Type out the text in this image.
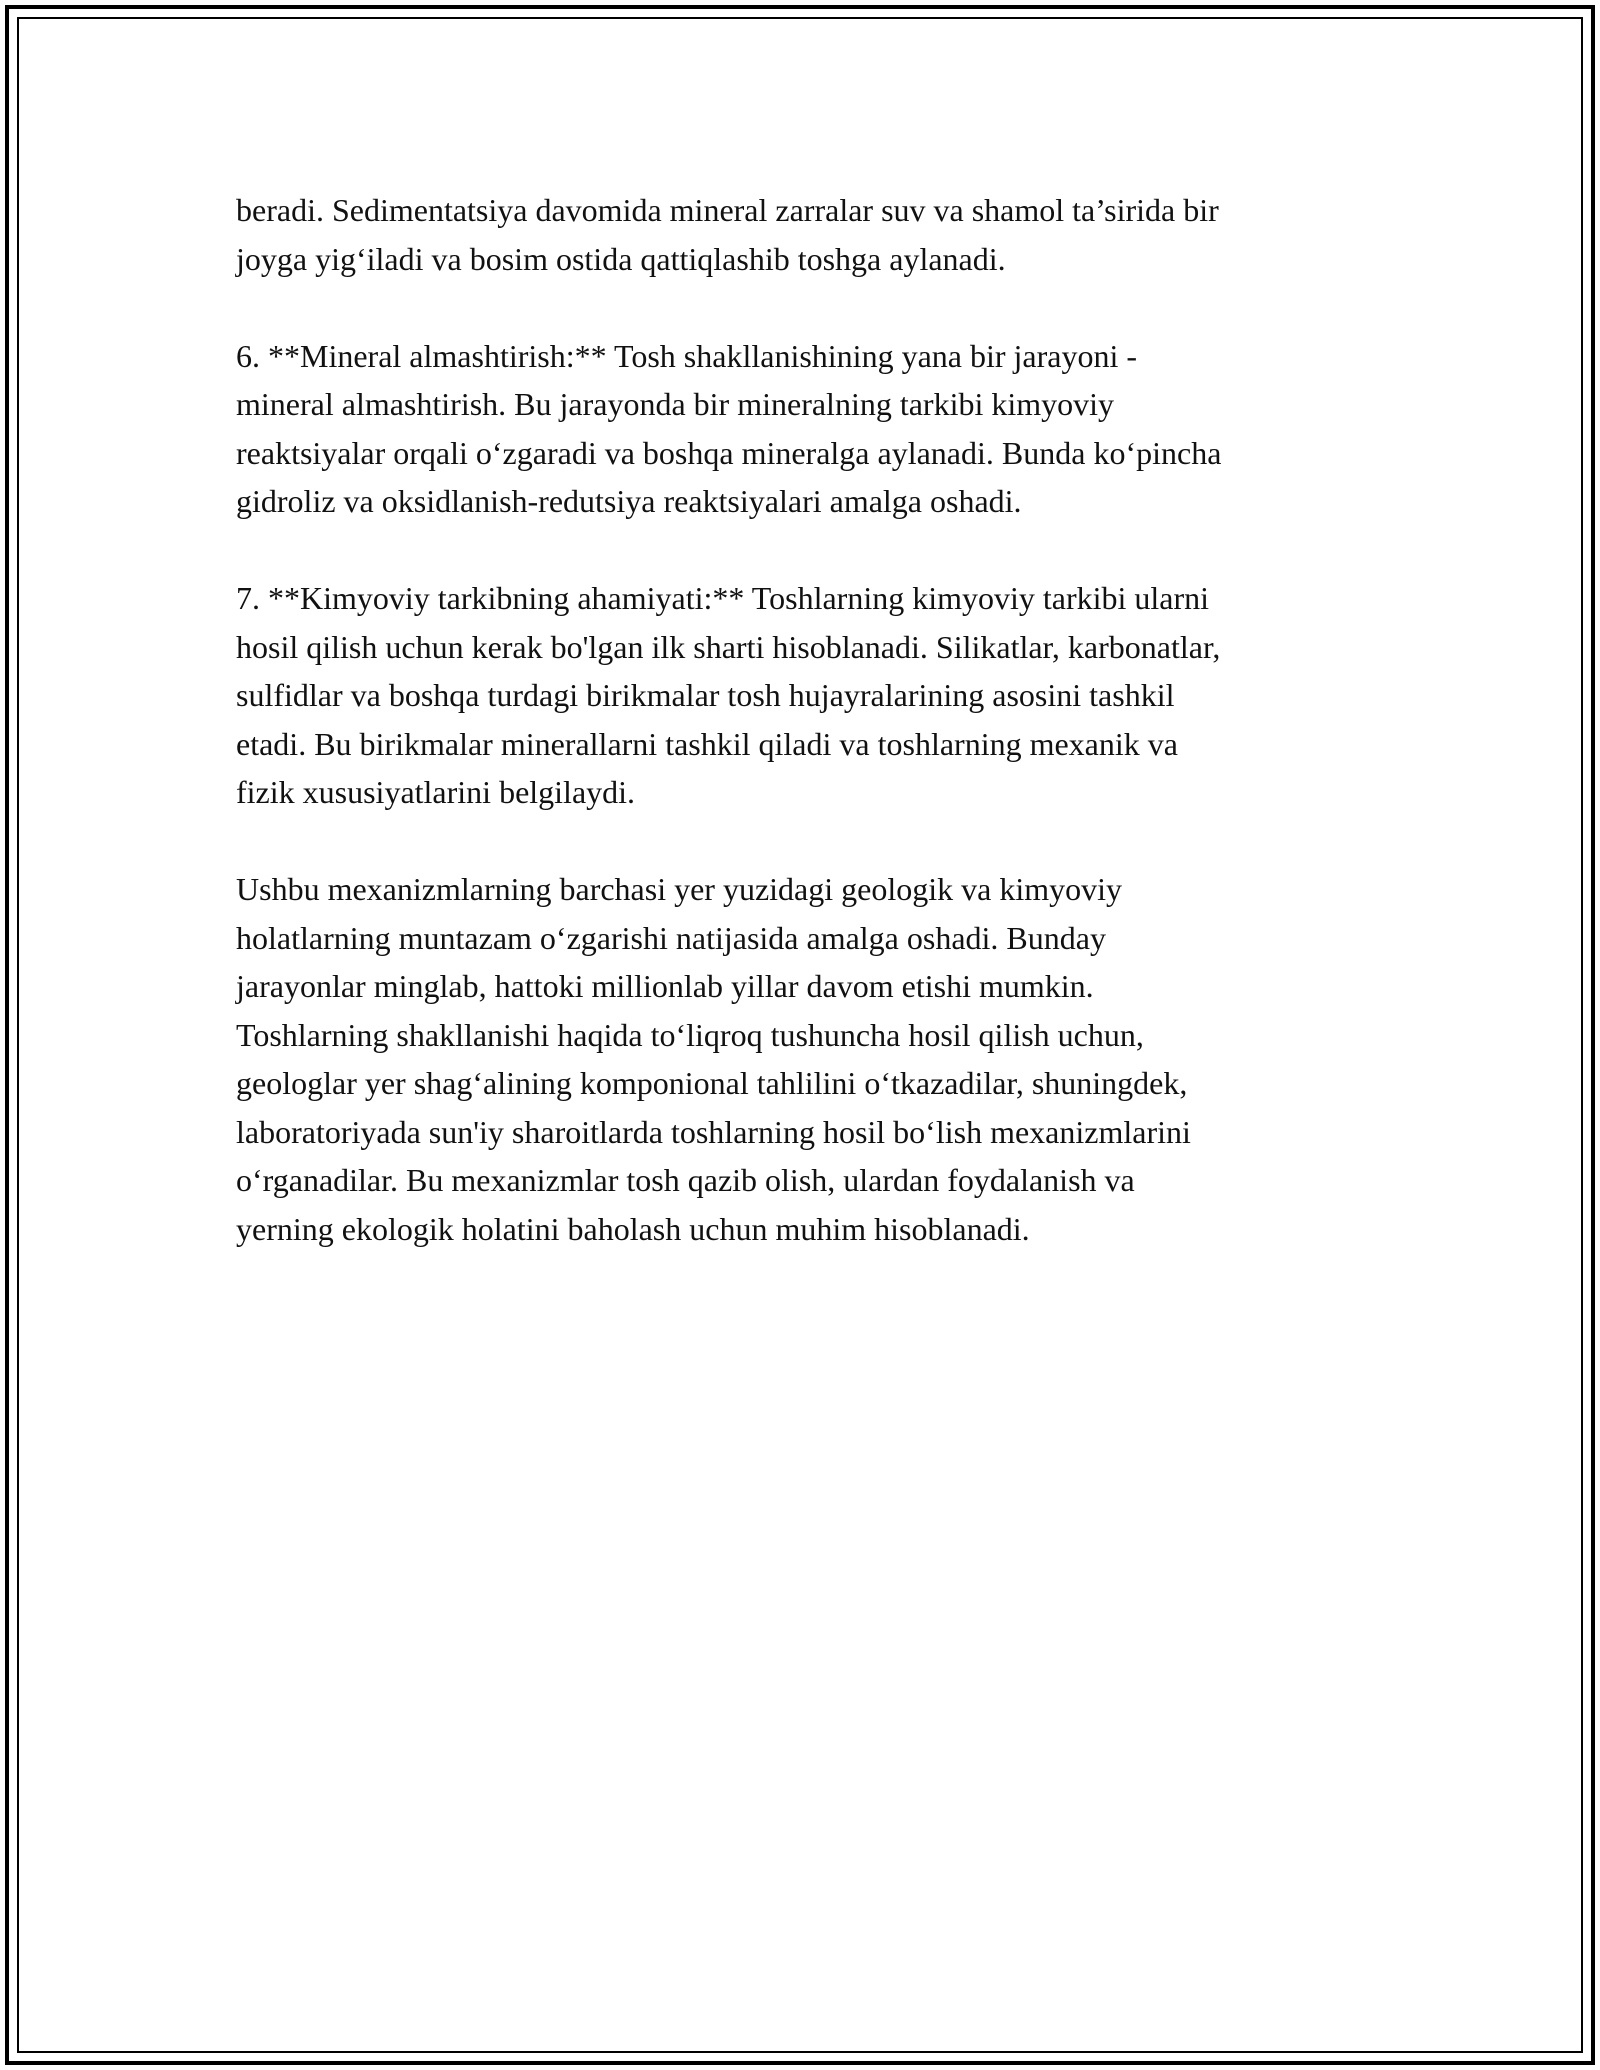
beradi. Sedimentatsiya davomida mineral zarralar suv va shamol ta’sirida bir
joyga yig‘iladi va bosim ostida qattiqlashib toshga aylanadi.

6. **Mineral almashtirish:** Tosh shakllanishining yana bir jarayoni -
mineral almashtirish. Bu jarayonda bir mineralning tarkibi kimyoviy
reaktsiyalar orqali o‘zgaradi va boshqa mineralga aylanadi. Bunda ko‘pincha
gidroliz va oksidlanish-redutsiya reaktsiyalari amalga oshadi.

7. **Kimyoviy tarkibning ahamiyati:** Toshlarning kimyoviy tarkibi ularni
hosil qilish uchun kerak bo'lgan ilk sharti hisoblanadi. Silikatlar, karbonatlar,
sulfidlar va boshqa turdagi birikmalar tosh hujayralarining asosini tashkil
etadi. Bu birikmalar minerallarni tashkil qiladi va toshlarning mexanik va
fizik xususiyatlarini belgilaydi.

Ushbu mexanizmlarning barchasi yer yuzidagi geologik va kimyoviy
holatlarning muntazam o‘zgarishi natijasida amalga oshadi. Bunday
jarayonlar minglab, hattoki millionlab yillar davom etishi mumkin.
Toshlarning shakllanishi haqida to‘liqroq tushuncha hosil qilish uchun,
geologlar yer shag‘alining komponional tahlilini o‘tkazadilar, shuningdek,
laboratoriyada sun'iy sharoitlarda toshlarning hosil bo‘lish mexanizmlarini
o‘rganadilar. Bu mexanizmlar tosh qazib olish, ulardan foydalanish va
yerning ekologik holatini baholash uchun muhim hisoblanadi.
